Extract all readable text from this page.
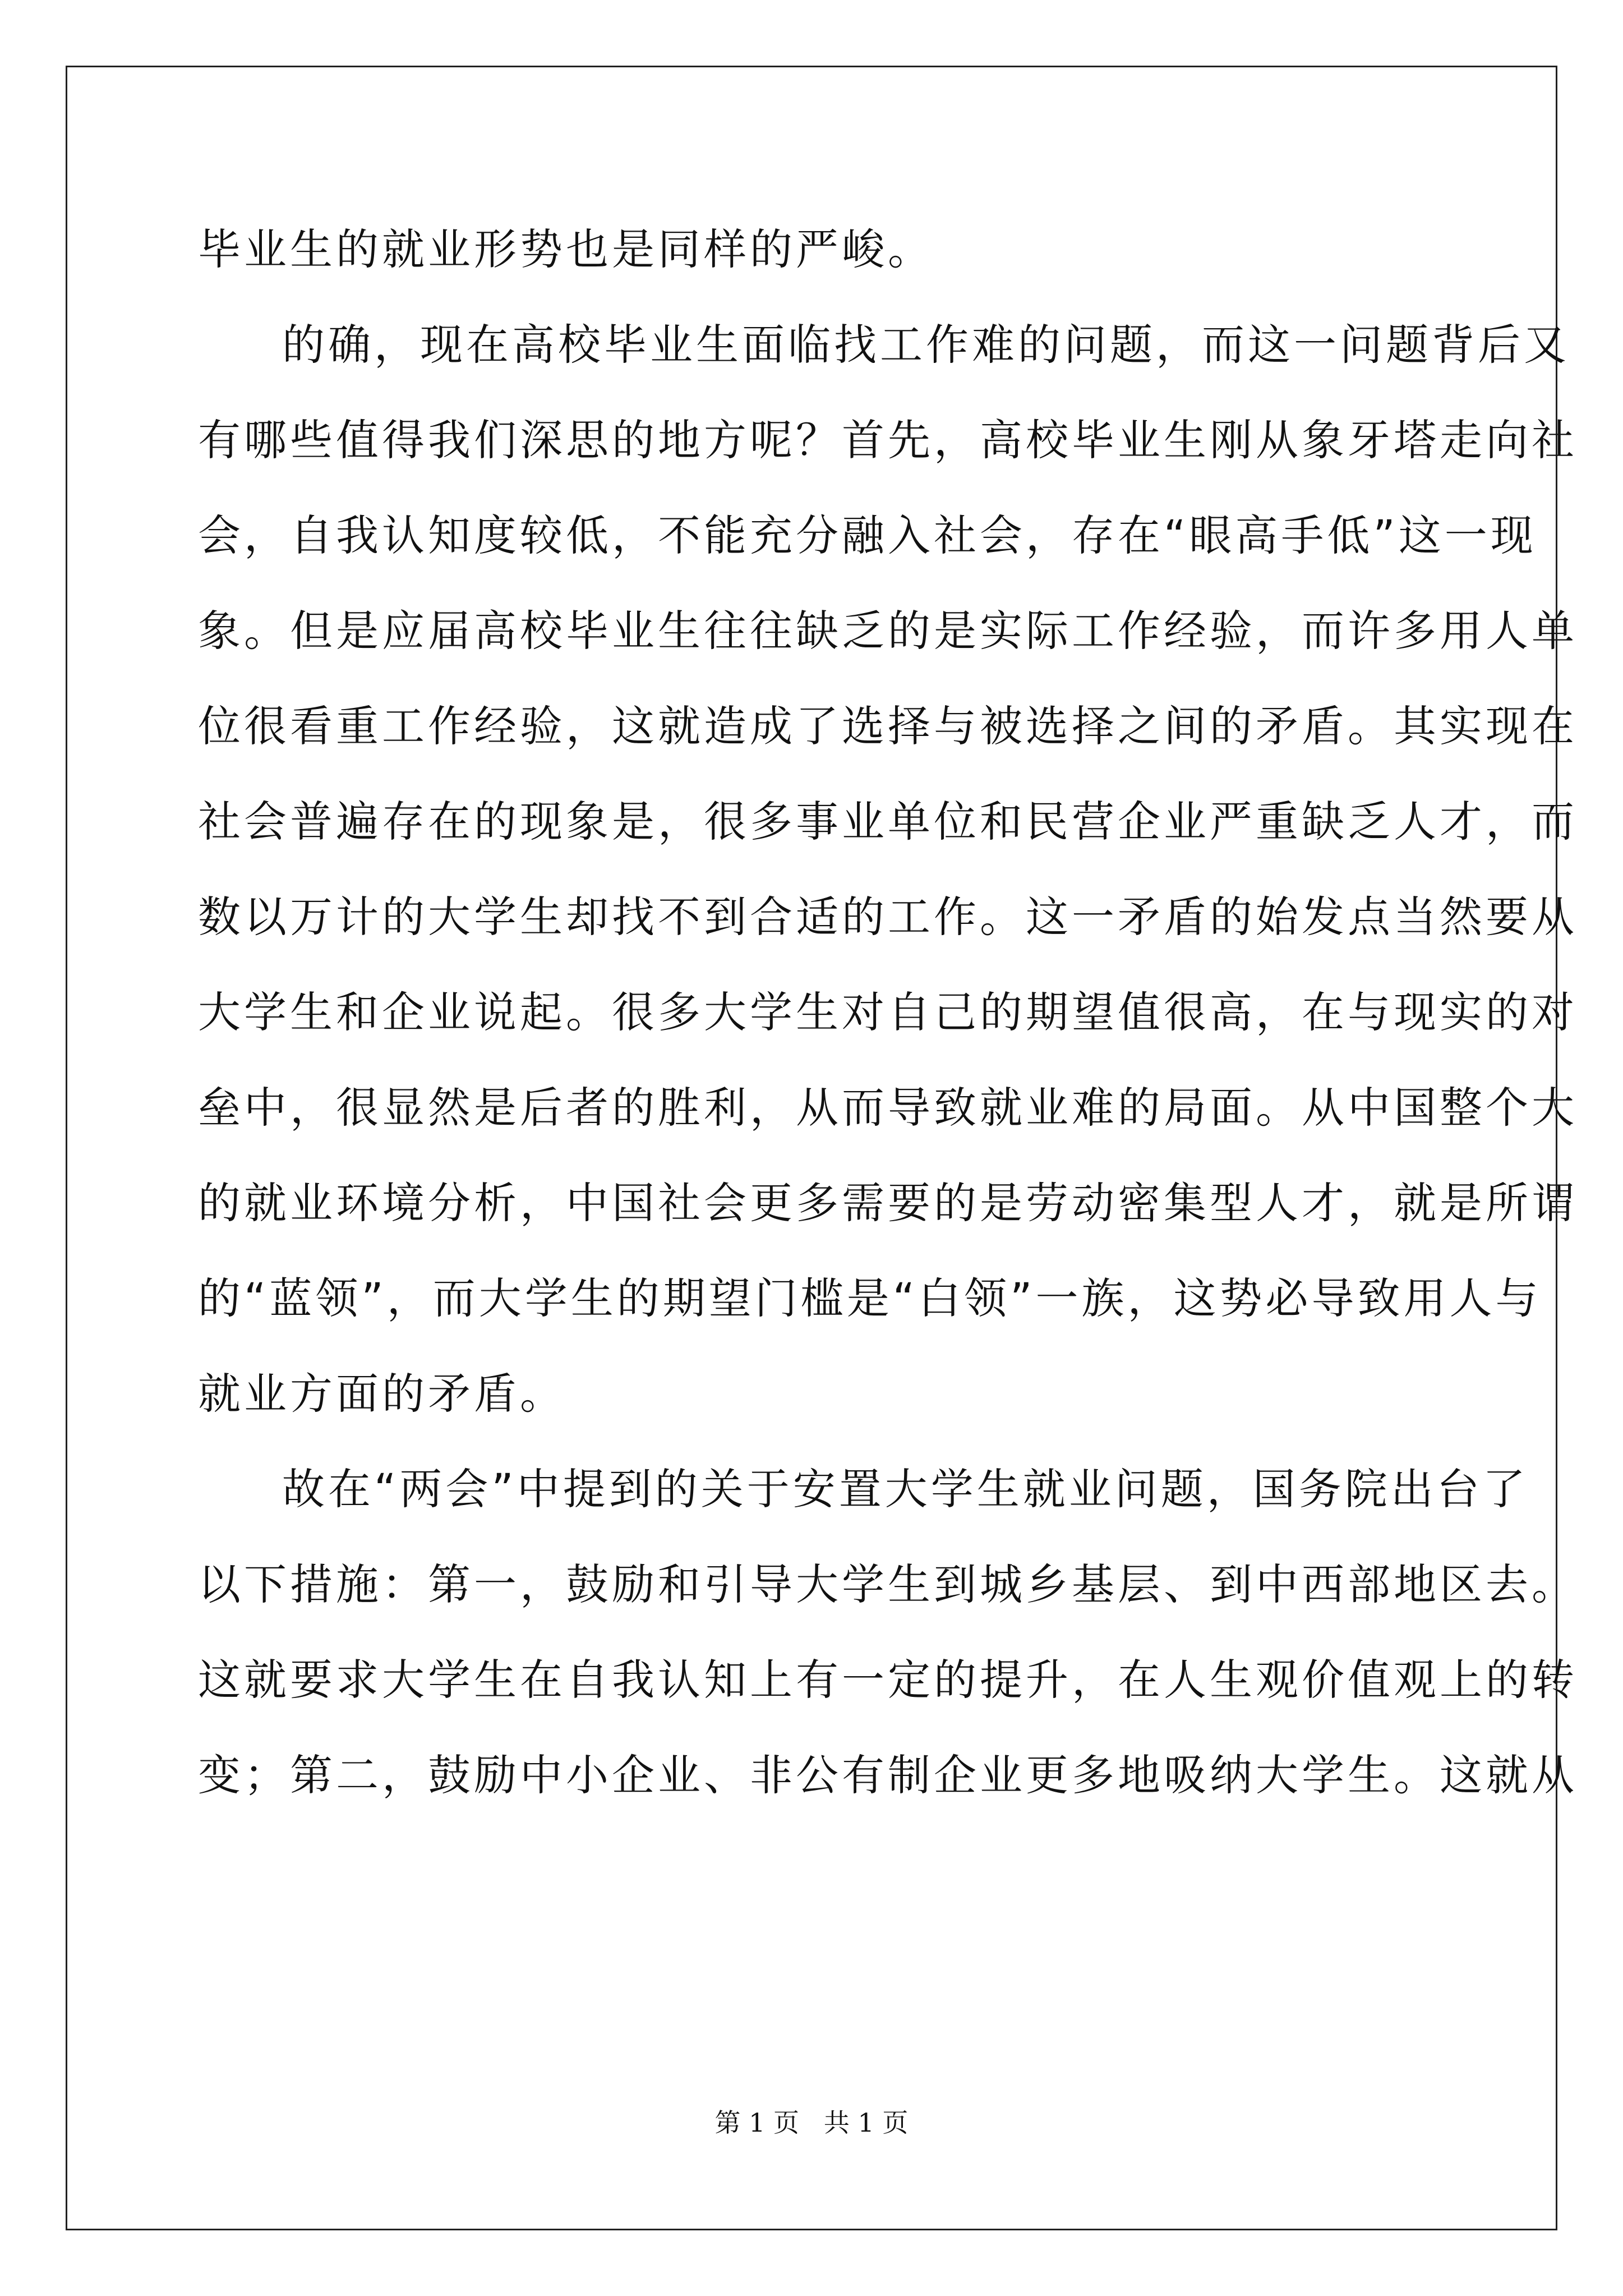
毕业生的就业形势也是同样的严峻。
的确，现在高校毕业生面临找工作难的问题，而这一问题背后又
有哪些值得我们深思的地方呢？首先，高校毕业生刚从象牙塔走向社
会，自我认知度较低，不能充分融入社会，存在“眼高手低”这一现
象。但是应届高校毕业生往往缺乏的是实际工作经验，而许多用人单
位很看重工作经验，这就造成了选择与被选择之间的矛盾。其实现在
社会普遍存在的现象是，很多事业单位和民营企业严重缺乏人才，而
数以万计的大学生却找不到合适的工作。这一矛盾的始发点当然要从
大学生和企业说起。很多大学生对自己的期望值很高，在与现实的对
垒中，很显然是后者的胜利，从而导致就业难的局面。从中国整个大
的就业环境分析，中国社会更多需要的是劳动密集型人才，就是所谓
的“蓝领”，而大学生的期望门槛是“白领”一族，这势必导致用人与
就业方面的矛盾。
故在“两会”中提到的关于安置大学生就业问题，国务院出台了
以下措施：第一，鼓励和引导大学生到城乡基层、到中西部地区去。
这就要求大学生在自我认知上有一定的提升，在人生观价值观上的转
变；第二，鼓励中小企业、非公有制企业更多地吸纳大学生。这就从
第 1 页   共 1 页
